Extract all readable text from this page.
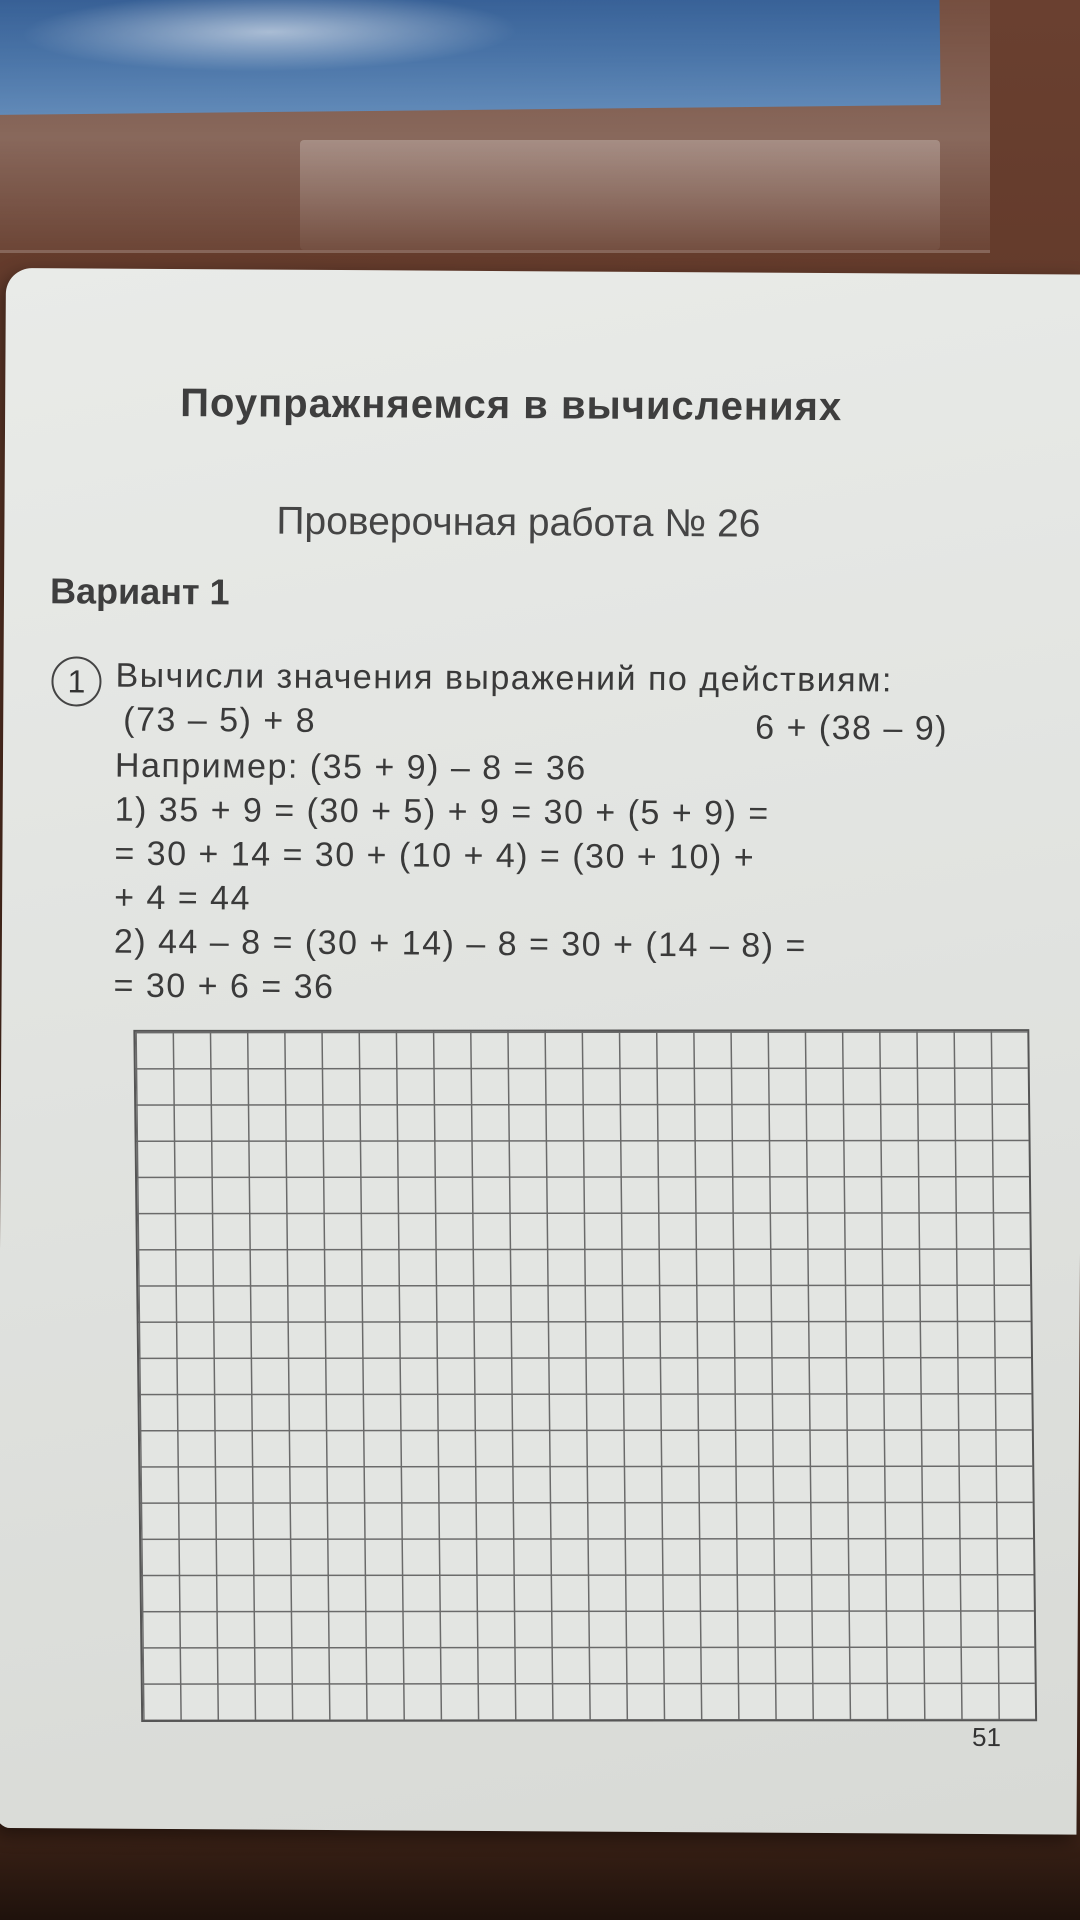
Поупражняемся в вычислениях
Проверочная работа № 26
Вариант 1
1 Вычисли значения выражений по действиям:
(73 – 5) + 8	6 + (38 – 9)
Например: (35 + 9) – 8 = 36
1) 35 + 9 = (30 + 5) + 9 = 30 + (5 + 9) =
= 30 + 14 = 30 + (10 + 4) = (30 + 10) +
+ 4 = 44
2) 44 – 8 = (30 + 14) – 8 = 30 + (14 – 8) =
= 30 + 6 = 36
51
